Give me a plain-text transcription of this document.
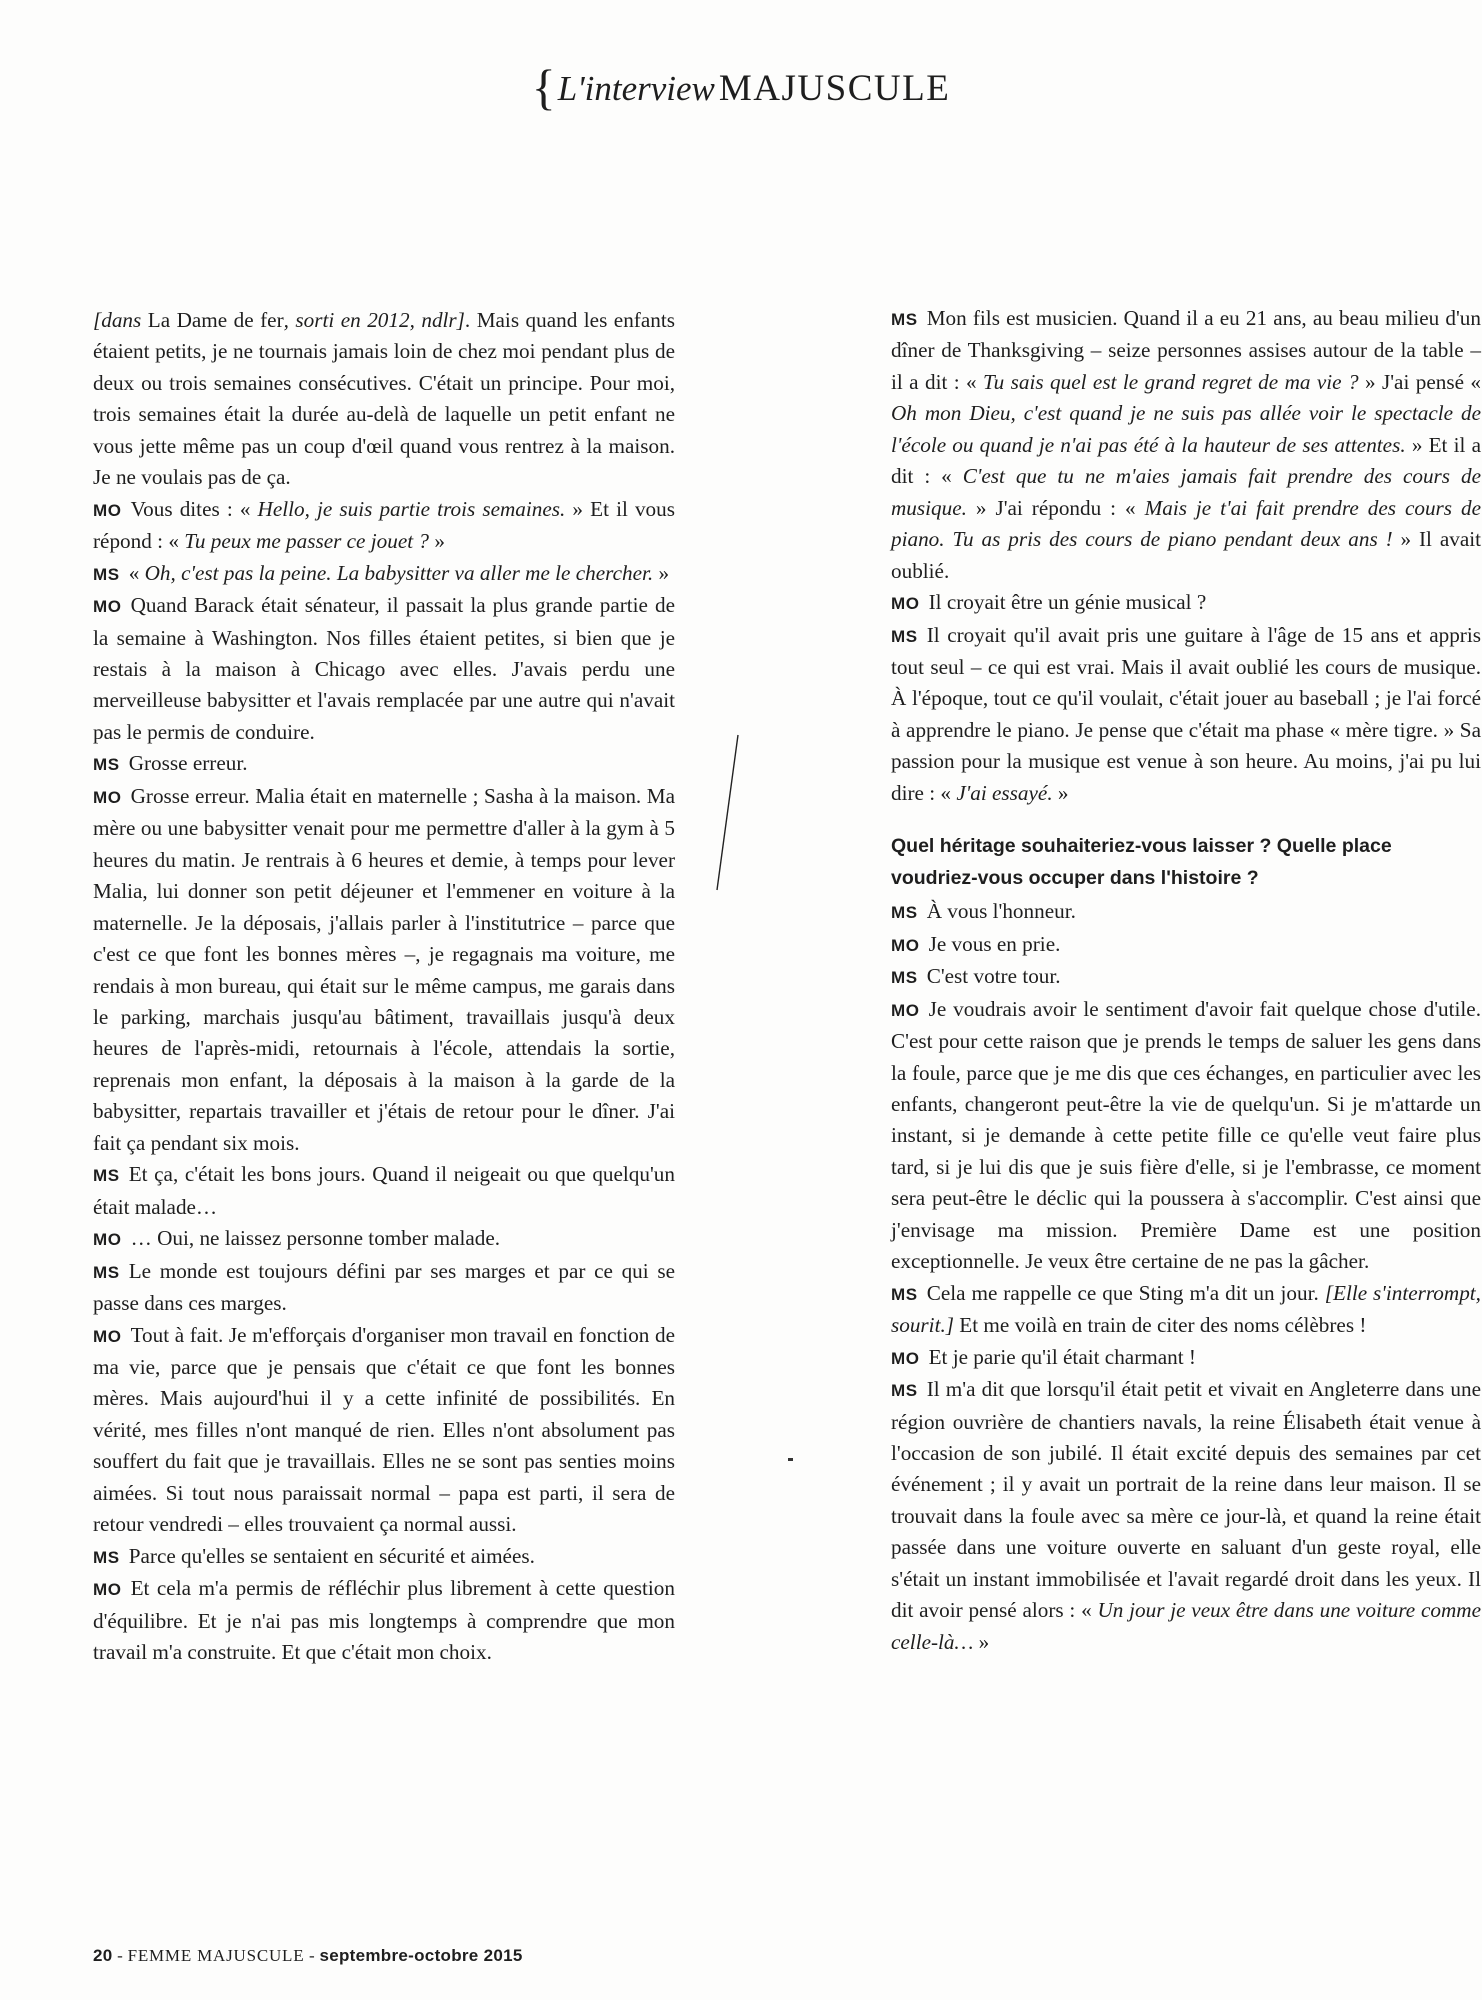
{L'interview MAJUSCULE

[dans La Dame de fer, sorti en 2012, ndlr]. Mais quand les enfants étaient petits, je ne tournais jamais loin de chez moi pendant plus de deux ou trois semaines consécutives. C'était un principe. Pour moi, trois semaines était la durée au-delà de laquelle un petit enfant ne vous jette même pas un coup d'œil quand vous rentrez à la maison. Je ne voulais pas de ça.

MO Vous dites : « Hello, je suis partie trois semaines. » Et il vous répond : « Tu peux me passer ce jouet ? »

MS « Oh, c'est pas la peine. La babysitter va aller me le chercher. »

MO Quand Barack était sénateur, il passait la plus grande partie de la semaine à Washington. Nos filles étaient petites, si bien que je restais à la maison à Chicago avec elles. J'avais perdu une merveilleuse babysitter et l'avais remplacée par une autre qui n'avait pas le permis de conduire.

MS Grosse erreur.

MO Grosse erreur. Malia était en maternelle ; Sasha à la maison. Ma mère ou une babysitter venait pour me permettre d'aller à la gym à 5 heures du matin. Je rentrais à 6 heures et demie, à temps pour lever Malia, lui donner son petit déjeuner et l'emmener en voiture à la maternelle. Je la déposais, j'allais parler à l'institutrice – parce que c'est ce que font les bonnes mères –, je regagnais ma voiture, me rendais à mon bureau, qui était sur le même campus, me garais dans le parking, marchais jusqu'au bâtiment, travaillais jusqu'à deux heures de l'après-midi, retournais à l'école, attendais la sortie, reprenais mon enfant, la déposais à la maison à la garde de la babysitter, repartais travailler et j'étais de retour pour le dîner. J'ai fait ça pendant six mois.

MS Et ça, c'était les bons jours. Quand il neigeait ou que quelqu'un était malade…

MO … Oui, ne laissez personne tomber malade.

MS Le monde est toujours défini par ses marges et par ce qui se passe dans ces marges.

MO Tout à fait. Je m'efforçais d'organiser mon travail en fonction de ma vie, parce que je pensais que c'était ce que font les bonnes mères. Mais aujourd'hui il y a cette infinité de possibilités. En vérité, mes filles n'ont manqué de rien. Elles n'ont absolument pas souffert du fait que je travaillais. Elles ne se sont pas senties moins aimées. Si tout nous paraissait normal – papa est parti, il sera de retour vendredi – elles trouvaient ça normal aussi.

MS Parce qu'elles se sentaient en sécurité et aimées.

MO Et cela m'a permis de réfléchir plus librement à cette question d'équilibre. Et je n'ai pas mis longtemps à comprendre que mon travail m'a construite. Et que c'était mon choix.

MS Mon fils est musicien. Quand il a eu 21 ans, au beau milieu d'un dîner de Thanksgiving – seize personnes assises autour de la table – il a dit : « Tu sais quel est le grand regret de ma vie ? » J'ai pensé « Oh mon Dieu, c'est quand je ne suis pas allée voir le spectacle de l'école ou quand je n'ai pas été à la hauteur de ses attentes. » Et il a dit : « C'est que tu ne m'aies jamais fait prendre des cours de musique. » J'ai répondu : « Mais je t'ai fait prendre des cours de piano. Tu as pris des cours de piano pendant deux ans ! » Il avait oublié.

MO Il croyait être un génie musical ?

MS Il croyait qu'il avait pris une guitare à l'âge de 15 ans et appris tout seul – ce qui est vrai. Mais il avait oublié les cours de musique. À l'époque, tout ce qu'il voulait, c'était jouer au baseball ; je l'ai forcé à apprendre le piano. Je pense que c'était ma phase « mère tigre. » Sa passion pour la musique est venue à son heure. Au moins, j'ai pu lui dire : « J'ai essayé. »

Quel héritage souhaiteriez-vous laisser ? Quelle place voudriez-vous occuper dans l'histoire ?

MS À vous l'honneur.

MO Je vous en prie.

MS C'est votre tour.

MO Je voudrais avoir le sentiment d'avoir fait quelque chose d'utile. C'est pour cette raison que je prends le temps de saluer les gens dans la foule, parce que je me dis que ces échanges, en particulier avec les enfants, changeront peut-être la vie de quelqu'un. Si je m'attarde un instant, si je demande à cette petite fille ce qu'elle veut faire plus tard, si je lui dis que je suis fière d'elle, si je l'embrasse, ce moment sera peut-être le déclic qui la poussera à s'accomplir. C'est ainsi que j'envisage ma mission. Première Dame est une position exceptionnelle. Je veux être certaine de ne pas la gâcher.

MS Cela me rappelle ce que Sting m'a dit un jour. [Elle s'interrompt, sourit.] Et me voilà en train de citer des noms célèbres !

MO Et je parie qu'il était charmant !

MS Il m'a dit que lorsqu'il était petit et vivait en Angleterre dans une région ouvrière de chantiers navals, la reine Élisabeth était venue à l'occasion de son jubilé. Il était excité depuis des semaines par cet événement ; il y avait un portrait de la reine dans leur maison. Il se trouvait dans la foule avec sa mère ce jour-là, et quand la reine était passée dans une voiture ouverte en saluant d'un geste royal, elle s'était un instant immobilisée et l'avait regardé droit dans les yeux. Il dit avoir pensé alors : « Un jour je veux être dans une voiture comme celle-là… »

20 - FEMME MAJUSCULE - septembre-octobre 2015
